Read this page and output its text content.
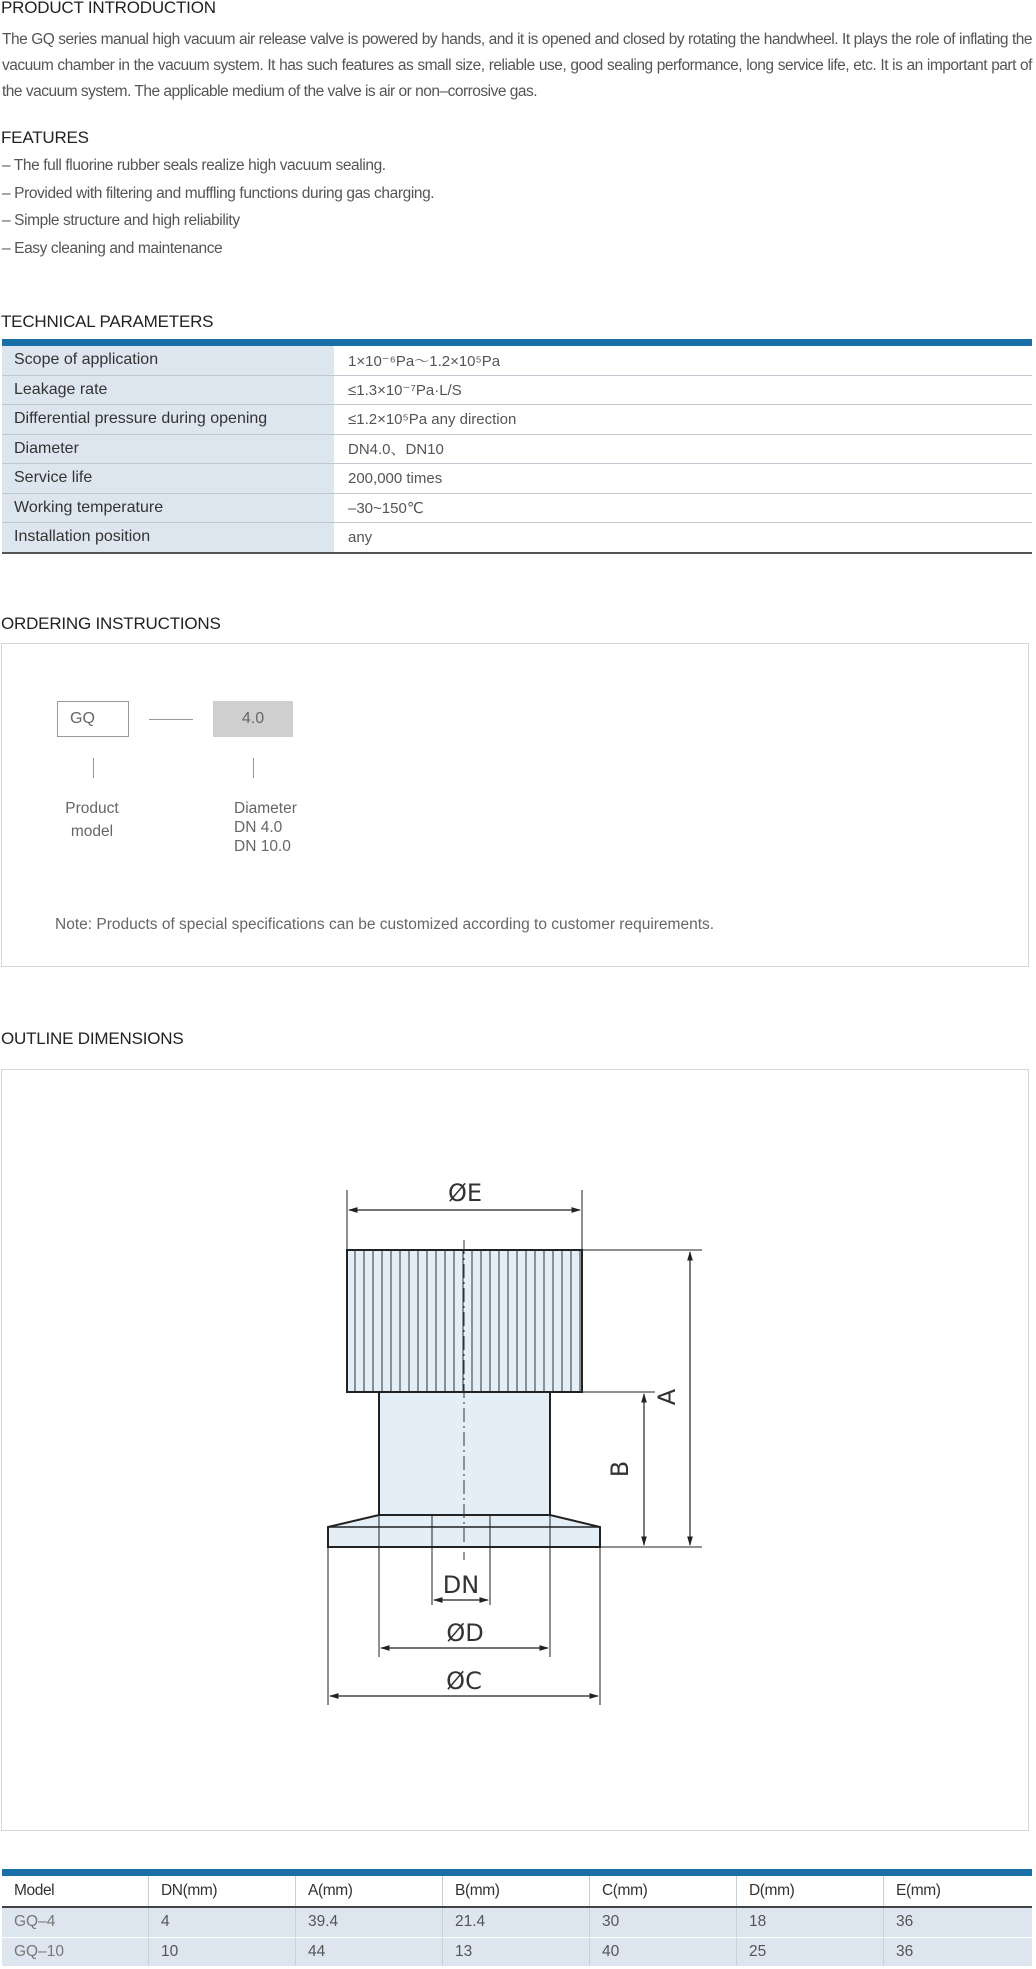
PRODUCT INTRODUCTION

The GQ series manual high vacuum air release valve is powered by hands, and it is opened and closed by rotating the handwheel. It plays the role of inflating the vacuum chamber in the vacuum system. It has such features as small size, reliable use, good sealing performance, long service life, etc. It is an important part of the vacuum system. The applicable medium of the valve is air or non–corrosive gas.

FEATURES
– The full fluorine rubber seals realize high vacuum sealing.
– Provided with filtering and muffling functions during gas charging.
– Simple structure and high reliability
– Easy cleaning and maintenance
TECHNICAL PARAMETERS
Scope of application	1×10⁻⁶Pa～1.2×10⁵Pa
Leakage rate	≤1.3×10⁻⁷Pa·L/S
Differential pressure during opening	≤1.2×10⁵Pa any direction
Diameter	DN4.0、DN10
Service life	200,000 times
Working temperature	–30~150℃
Installation position	any
ORDERING INSTRUCTIONS
GQ	4.0
Product
model
Diameter
DN 4.0
DN 10.0
Note: Products of special specifications can be customized according to customer requirements.
OUTLINE DIMENSIONS
ØE
A
B
DN
ØD
ØC
Model	DN(mm)	A(mm)	B(mm)	C(mm)	D(mm)	E(mm)
GQ–4	4	39.4	21.4	30	18	36
GQ–10	10	44	13	40	25	36
